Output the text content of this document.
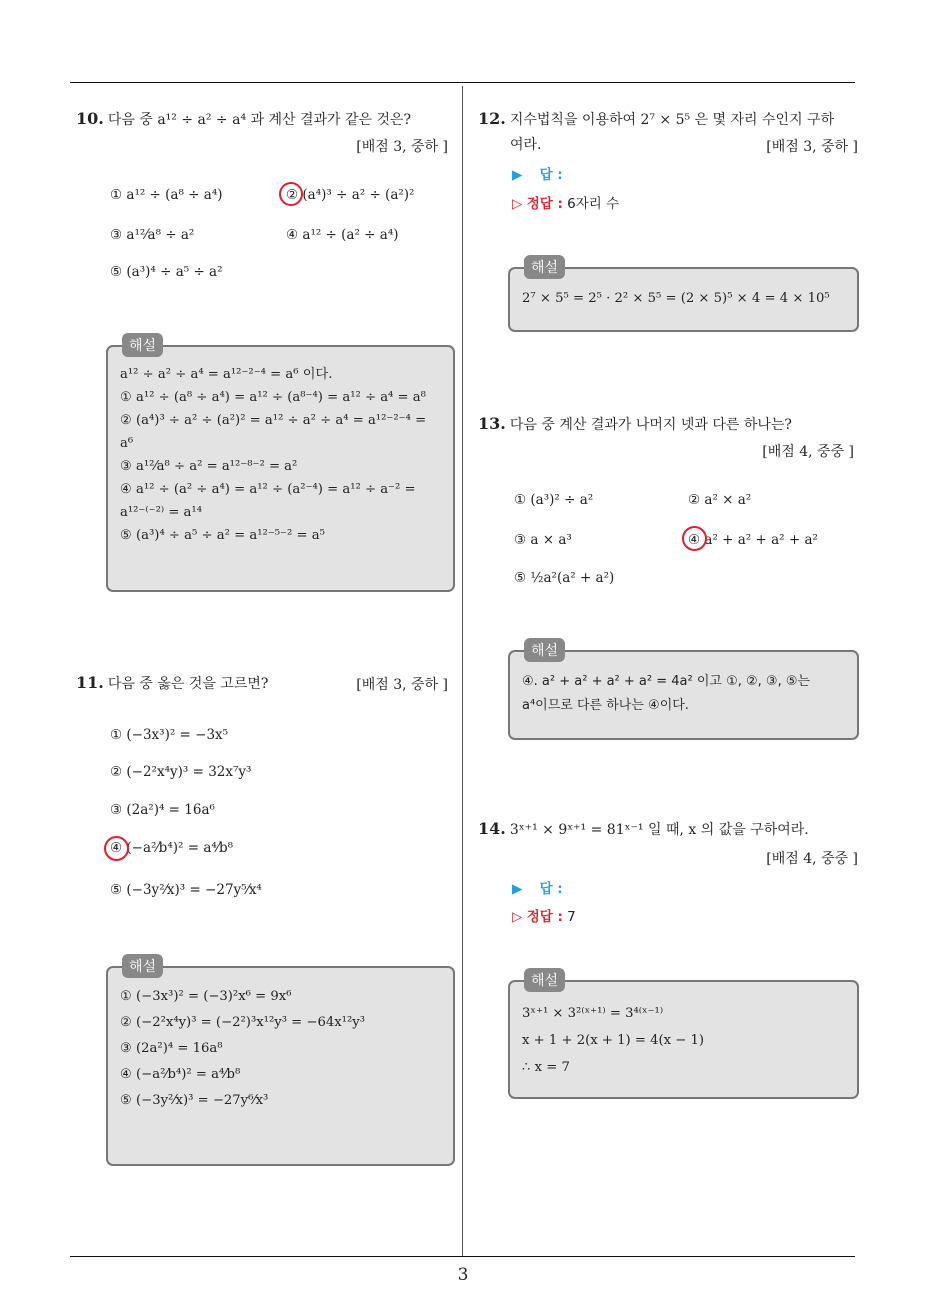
10. 다음 중 a¹² ÷ a² ÷ a⁴ 과 계산 결과가 같은 것은?
[배점 3, 중하 ]
① a¹² ÷ (a⁸ ÷ a⁴)	② (a⁴)³ ÷ a² ÷ (a²)²
③ a¹²⁄a⁸ ÷ a²	④ a¹² ÷ (a² ÷ a⁴)
⑤ (a³)⁴ ÷ a⁵ ÷ a²
해설
a¹² ÷ a² ÷ a⁴ = a¹²⁻²⁻⁴ = a⁶ 이다.
① a¹² ÷ (a⁸ ÷ a⁴) = a¹² ÷ (a⁸⁻⁴) = a¹² ÷ a⁴ = a⁸
② (a⁴)³ ÷ a² ÷ (a²)² = a¹² ÷ a² ÷ a⁴ = a¹²⁻²⁻⁴ =
a⁶
③ a¹²⁄a⁸ ÷ a² = a¹²⁻⁸⁻² = a²
④ a¹² ÷ (a² ÷ a⁴) = a¹² ÷ (a²⁻⁴) = a¹² ÷ a⁻² =
a¹²⁻⁽⁻²⁾ = a¹⁴
⑤ (a³)⁴ ÷ a⁵ ÷ a² = a¹²⁻⁵⁻² = a⁵
11. 다음 중 옳은 것을 고르면?	[배점 3, 중하 ]
① (−3x³)² = −3x⁵
② (−2²x⁴y)³ = 32x⁷y³
③ (2a²)⁴ = 16a⁶
④ (−a²⁄b⁴)² = a⁴⁄b⁸
⑤ (−3y²⁄x)³ = −27y⁵⁄x⁴
해설
① (−3x³)² = (−3)²x⁶ = 9x⁶
② (−2²x⁴y)³ = (−2²)³x¹²y³ = −64x¹²y³
③ (2a²)⁴ = 16a⁸
④ (−a²⁄b⁴)² = a⁴⁄b⁸
⑤ (−3y²⁄x)³ = −27y⁶⁄x³
12. 지수법칙을 이용하여 2⁷ × 5⁵ 은 몇 자리 수인지 구하
여라.	[배점 3, 중하 ]
▶ 답 :
▷ 정답 : 6자리 수
해설
2⁷ × 5⁵ = 2⁵ · 2² × 5⁵ = (2 × 5)⁵ × 4 = 4 × 10⁵
13. 다음 중 계산 결과가 나머지 넷과 다른 하나는?
[배점 4, 중중 ]
① (a³)² ÷ a²	② a² × a²
③ a × a³	④ a² + a² + a² + a²
⑤ ½a²(a² + a²)
해설
④. a² + a² + a² + a² = 4a² 이고 ①, ②, ③, ⑤는
a⁴이므로 다른 하나는 ④이다.
14. 3ˣ⁺¹ × 9ˣ⁺¹ = 81ˣ⁻¹ 일 때, x 의 값을 구하여라.
[배점 4, 중중 ]
▶ 답 :
▷ 정답 : 7
해설
3ˣ⁺¹ × 3²⁽ˣ⁺¹⁾ = 3⁴⁽ˣ⁻¹⁾
x + 1 + 2(x + 1) = 4(x − 1)
∴ x = 7
3
